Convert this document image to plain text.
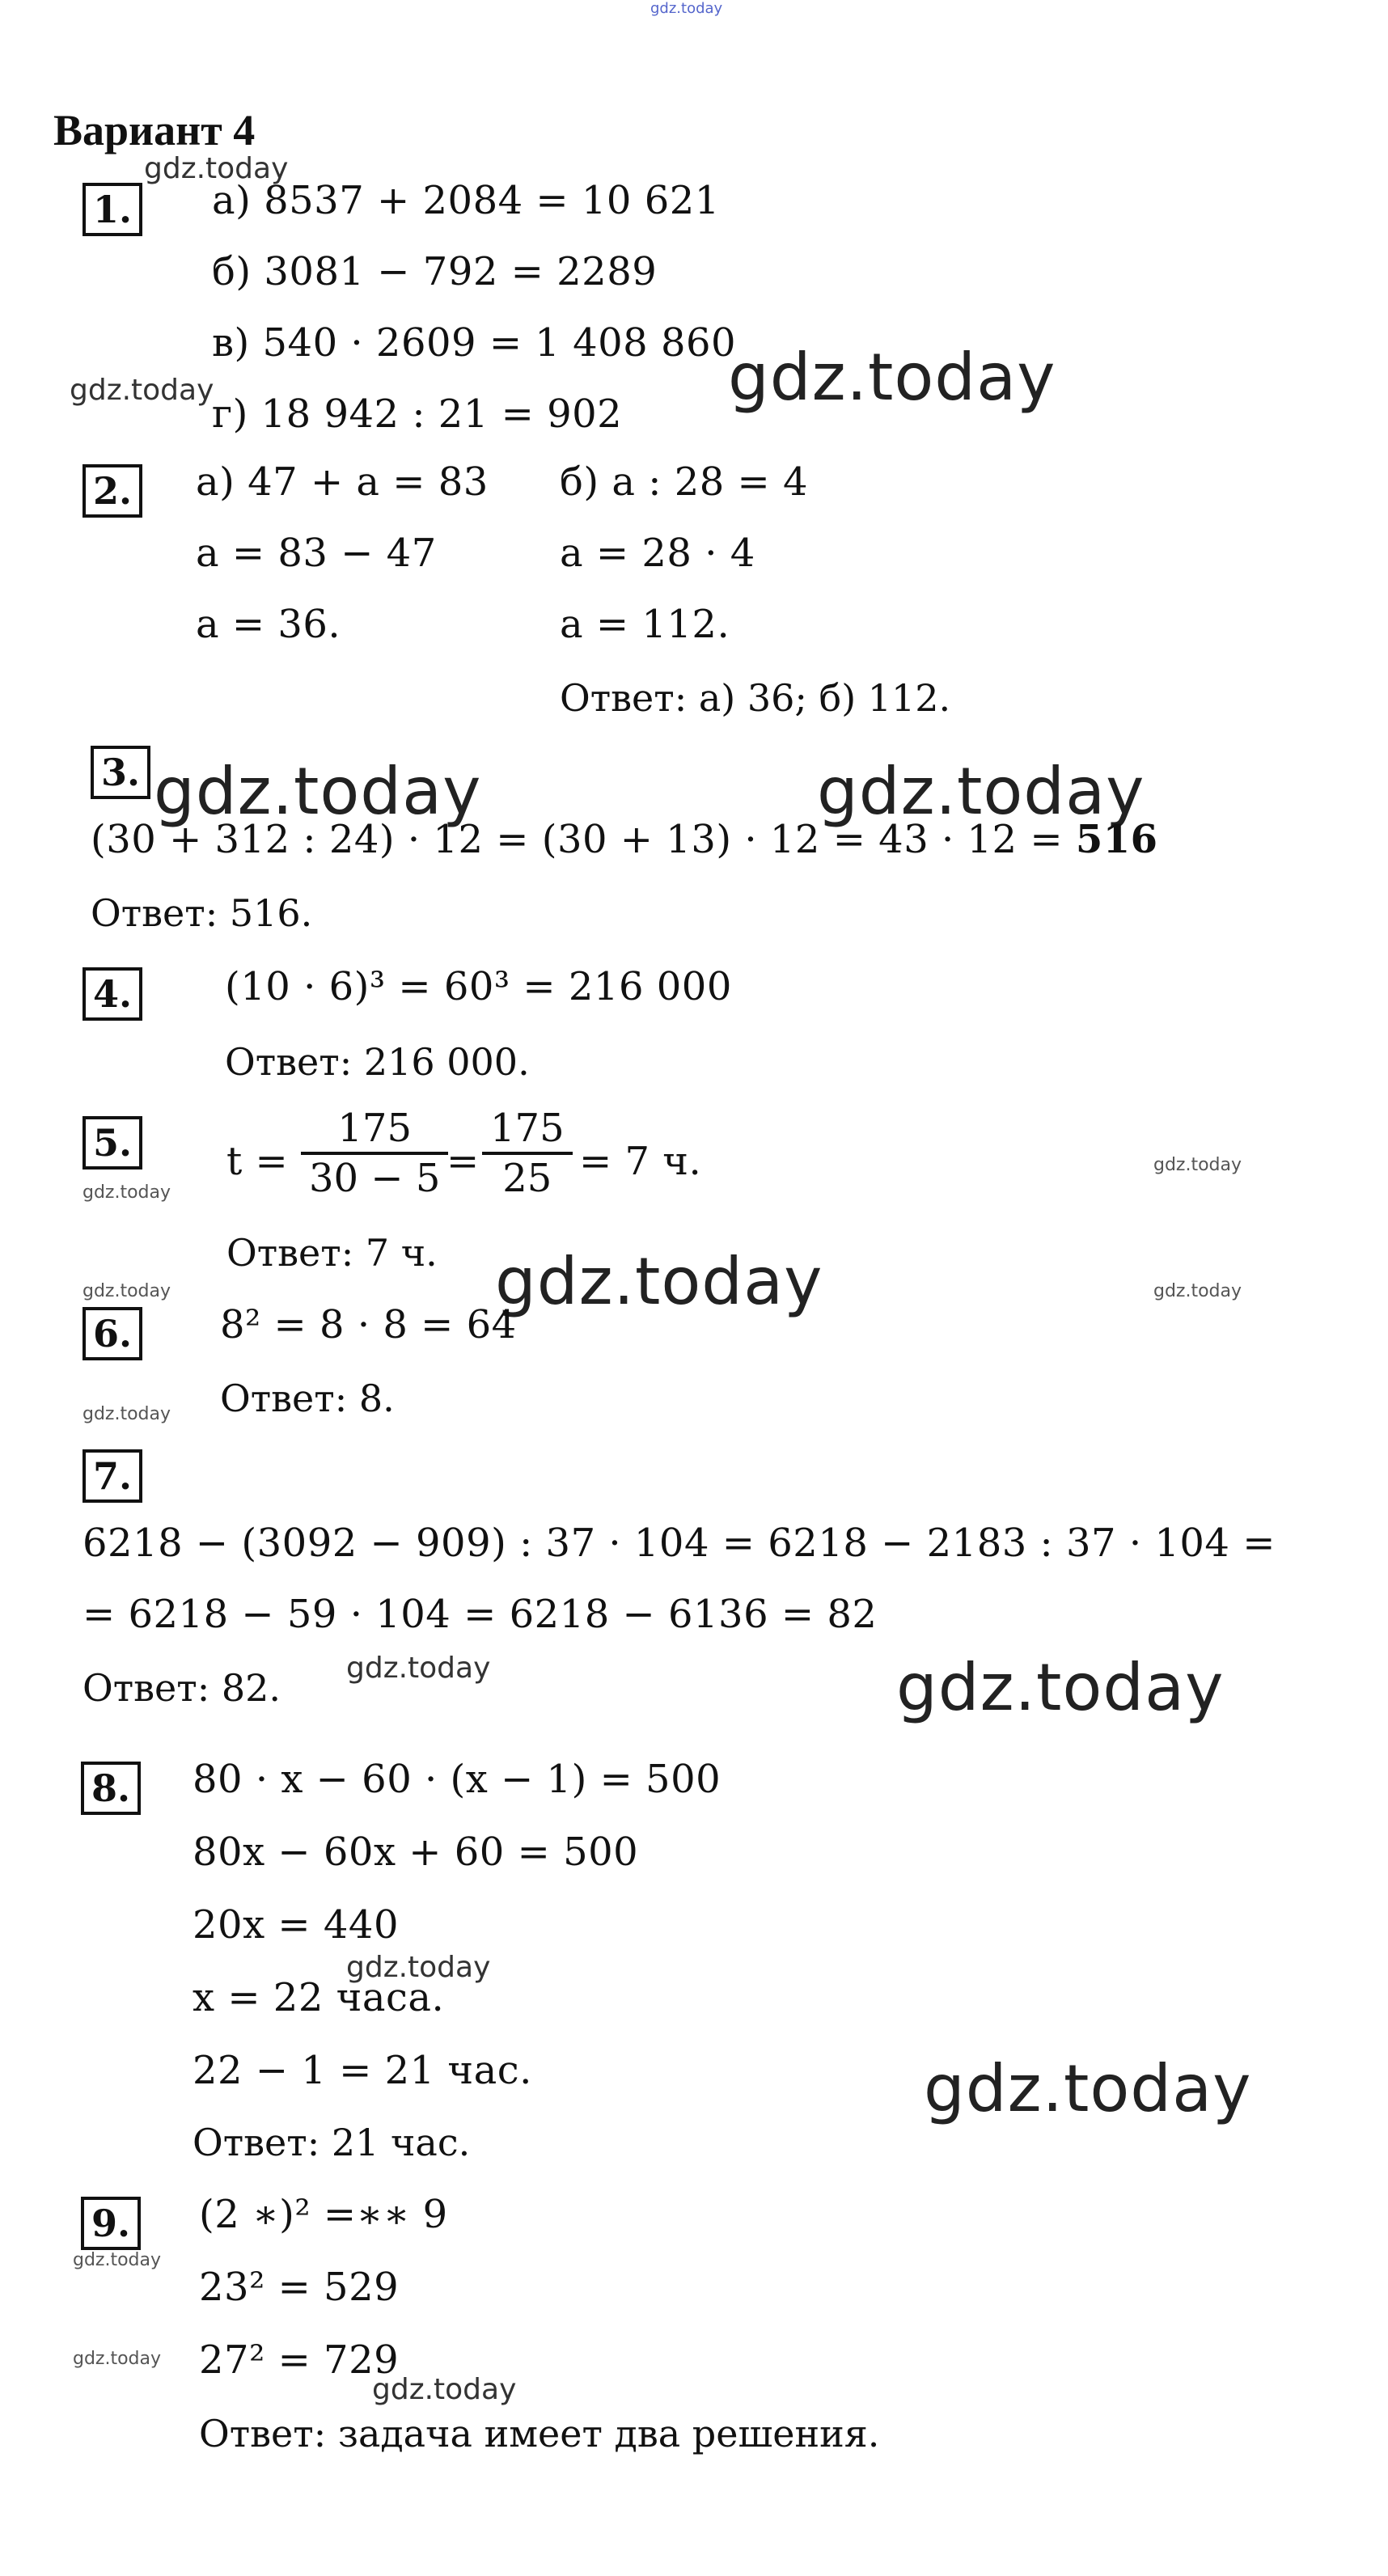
gdz.today
Вариант 4
gdz.today
1. а) 8537 + 2084 = 10 621
б) 3081 − 792 = 2289
в) 540 · 2609 = 1 408 860
г) 18 942 : 21 = 902
gdz.today	gdz.today
2. а) 47 + a = 83
a = 83 − 47
a = 36.
б) a : 28 = 4
a = 28 · 4
a = 112.
Ответ: а) 36; б) 112.
3. gdz.today	gdz.today
(30 + 312 : 24) · 12 = (30 + 13) · 12 = 43 · 12 = 516
Ответ: 516.
4. (10 · 6)³ = 60³ = 216 000
Ответ: 216 000.
5.
gdz.today
t =
175
30 − 5 =
175
25 = 7 ч.	gdz.today
Ответ: 7 ч. gdz.today
gdz.today	gdz.today
6. 8² = 8 · 8 = 64
gdz.today Ответ: 8.
7.
6218 − (3092 − 909) : 37 · 104 = 6218 − 2183 : 37 · 104 =
= 6218 − 59 · 104 = 6218 − 6136 = 82
Ответ: 82. gdz.today	gdz.today
8. 80 · x − 60 · (x − 1) = 500
80x − 60x + 60 = 500
20x = 440
gdz.today
x = 22 часа.
22 − 1 = 21 час.	gdz.today
Ответ: 21 час.
9.
gdz.today
(2 ∗)² =∗∗ 9
23² = 529
gdz.today 27² = 729
gdz.today
Ответ: задача имеет два решения.
